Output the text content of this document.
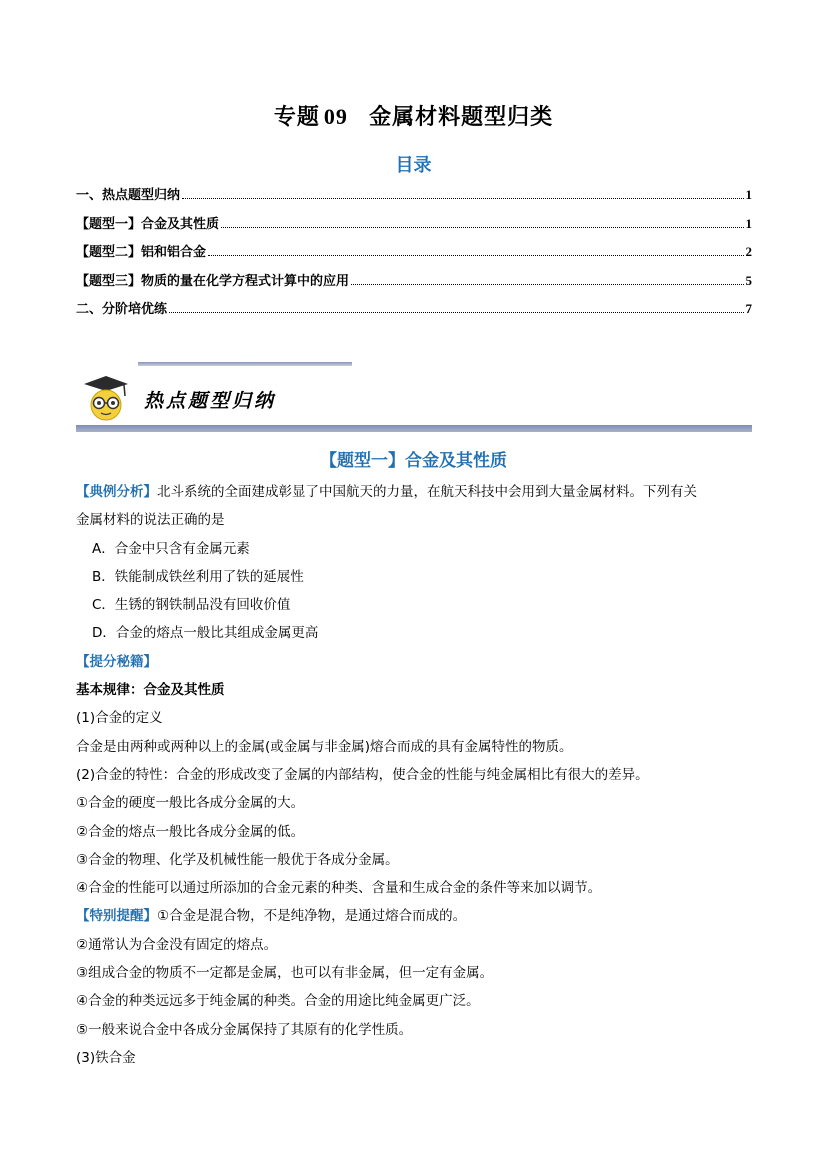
专题 09 金属材料题型归类
目录
一、热点题型归纳	1
【题型一】合金及其性质	1
【题型二】铝和铝合金	2
【题型三】物质的量在化学方程式计算中的应用	5
二、分阶培优练	7
热点题型归纳
【题型一】合金及其性质
【典例分析】北斗系统的全面建成彰显了中国航天的力量，在航天科技中会用到大量金属材料。下列有关
金属材料的说法正确的是
A．合金中只含有金属元素
B．铁能制成铁丝利用了铁的延展性
C．生锈的钢铁制品没有回收价值
D．合金的熔点一般比其组成金属更高
【提分秘籍】
基本规律：合金及其性质
(1)合金的定义
合金是由两种或两种以上的金属(或金属与非金属)熔合而成的具有金属特性的物质。
(2)合金的特性：合金的形成改变了金属的内部结构，使合金的性能与纯金属相比有很大的差异。
①合金的硬度一般比各成分金属的大。
②合金的熔点一般比各成分金属的低。
③合金的物理、化学及机械性能一般优于各成分金属。
④合金的性能可以通过所添加的合金元素的种类、含量和生成合金的条件等来加以调节。
【特别提醒】①合金是混合物，不是纯净物，是通过熔合而成的。
②通常认为合金没有固定的熔点。
③组成合金的物质不一定都是金属，也可以有非金属，但一定有金属。
④合金的种类远远多于纯金属的种类。合金的用途比纯金属更广泛。
⑤一般来说合金中各成分金属保持了其原有的化学性质。
(3)铁合金
